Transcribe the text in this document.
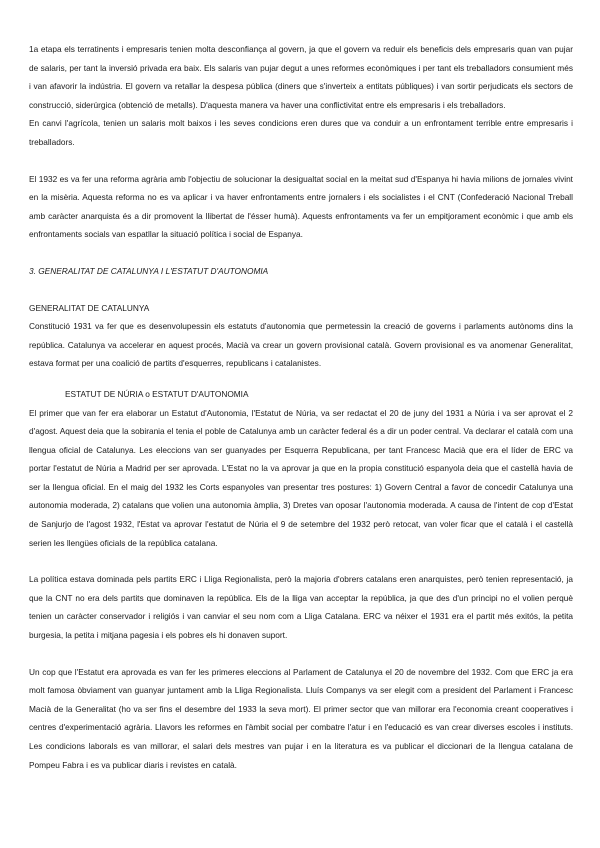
1a etapa els terratinents i empresaris tenien molta desconfiança al govern, ja que el govern va reduir els beneficis dels empresaris quan van pujar de salaris, per tant la inversió privada era baix. Els salaris van pujar degut a unes reformes econòmiques i per tant els treballadors consumient més i van afavorir la indústria. El govern va retallar la despesa pública (diners que s'inverteix a entitats públiques) i van sortir perjudicats els sectors de construcció, siderúrgica (obtenció de metalls). D'aquesta manera va haver una conflictivitat entre els empresaris i els treballadors.

En canvi l'agrícola, tenien un salaris molt baixos i les seves condicions eren dures que va conduir a un enfrontament terrible entre empresaris i treballadors.

El 1932 es va fer una reforma agrària amb l'objectiu de solucionar la desigualtat social en la meitat sud d'Espanya hi havia milions de jornales vivint en la misèria. Aquesta reforma no es va aplicar i va haver enfrontaments entre jornalers i els socialistes i el CNT (Confederació Nacional Treball amb caràcter anarquista és a dir promovent la llibertat de l'ésser humà). Aquests enfrontaments va fer un empitjorament econòmic i que amb els enfrontaments socials van espatllar la situació política i social de Espanya.

3. GENERALITAT DE CATALUNYA I L'ESTATUT D'AUTONOMIA

GENERALITAT DE CATALUNYA

Constitució 1931 va fer que es desenvolupessin els estatuts d'autonomia que permetessin la creació de governs i parlaments autònoms dins la república. Catalunya va accelerar en aquest procés, Macià va crear un govern provisional català. Govern provisional es va anomenar Generalitat, estava format per una coalició de partits d'esquerres, republicans i catalanistes.

ESTATUT DE NÚRIA o ESTATUT D'AUTONOMIA

El primer que van fer era elaborar un Estatut d'Autonomia, l'Estatut de Núria, va ser redactat el 20 de juny del 1931 a Núria i va ser aprovat el 2 d'agost. Aquest deia que la sobirania el tenia el poble de Catalunya amb un caràcter federal és a dir un poder central. Va declarar el català com una llengua oficial de Catalunya. Les eleccions van ser guanyades per Esquerra Republicana, per tant Francesc Macià que era el líder de ERC va portar l'estatut de Núria a Madrid per ser aprovada. L'Estat no la va aprovar ja que en la propia constitució espanyola deia que el castellà havia de ser la llengua oficial. En el maig del 1932 les Corts espanyoles van presentar tres postures: 1) Govern Central a favor de concedir Catalunya una autonomia moderada, 2) catalans que volien una autonomia àmplia, 3) Dretes van oposar l'autonomia moderada. A causa de l'intent de cop d'Estat de Sanjurjo de l'agost 1932, l'Estat va aprovar l'estatut de Núria el 9 de setembre del 1932 però retocat, van voler ficar que el català i el castellà serien les llengües oficials de la república catalana.

La política estava dominada pels partits ERC i Lliga Regionalista, però la majoria d'obrers catalans eren anarquistes, però tenien representació, ja que la CNT no era dels partits que dominaven la república. Els de la lliga van acceptar la república, ja que des d'un principi no el volien perquè tenien un caràcter conservador i religiós i van canviar el seu nom com a Lliga Catalana. ERC va néixer el 1931 era el partit més exitós, la petita burgesia, la petita i mitjana pagesia i els pobres els hi donaven suport.

Un cop que l'Estatut era aprovada es van fer les primeres eleccions al Parlament de Catalunya el 20 de novembre del 1932. Com que ERC ja era molt famosa òbviament van guanyar juntament amb la Lliga Regionalista. Lluís Companys va ser elegit com a president del Parlament i Francesc Macià de la Generalitat (ho va ser fins el desembre del 1933 la seva mort). El primer sector que van millorar era l'economia creant cooperatives i centres d'experimentació agrària. Llavors les reformes en l'àmbit social per combatre l'atur i en l'educació es van crear diverses escoles i instituts. Les condicions laborals es van millorar, el salari dels mestres van pujar i en la literatura es va publicar el diccionari de la llengua catalana de Pompeu Fabra i es va publicar diaris i revistes en català.
